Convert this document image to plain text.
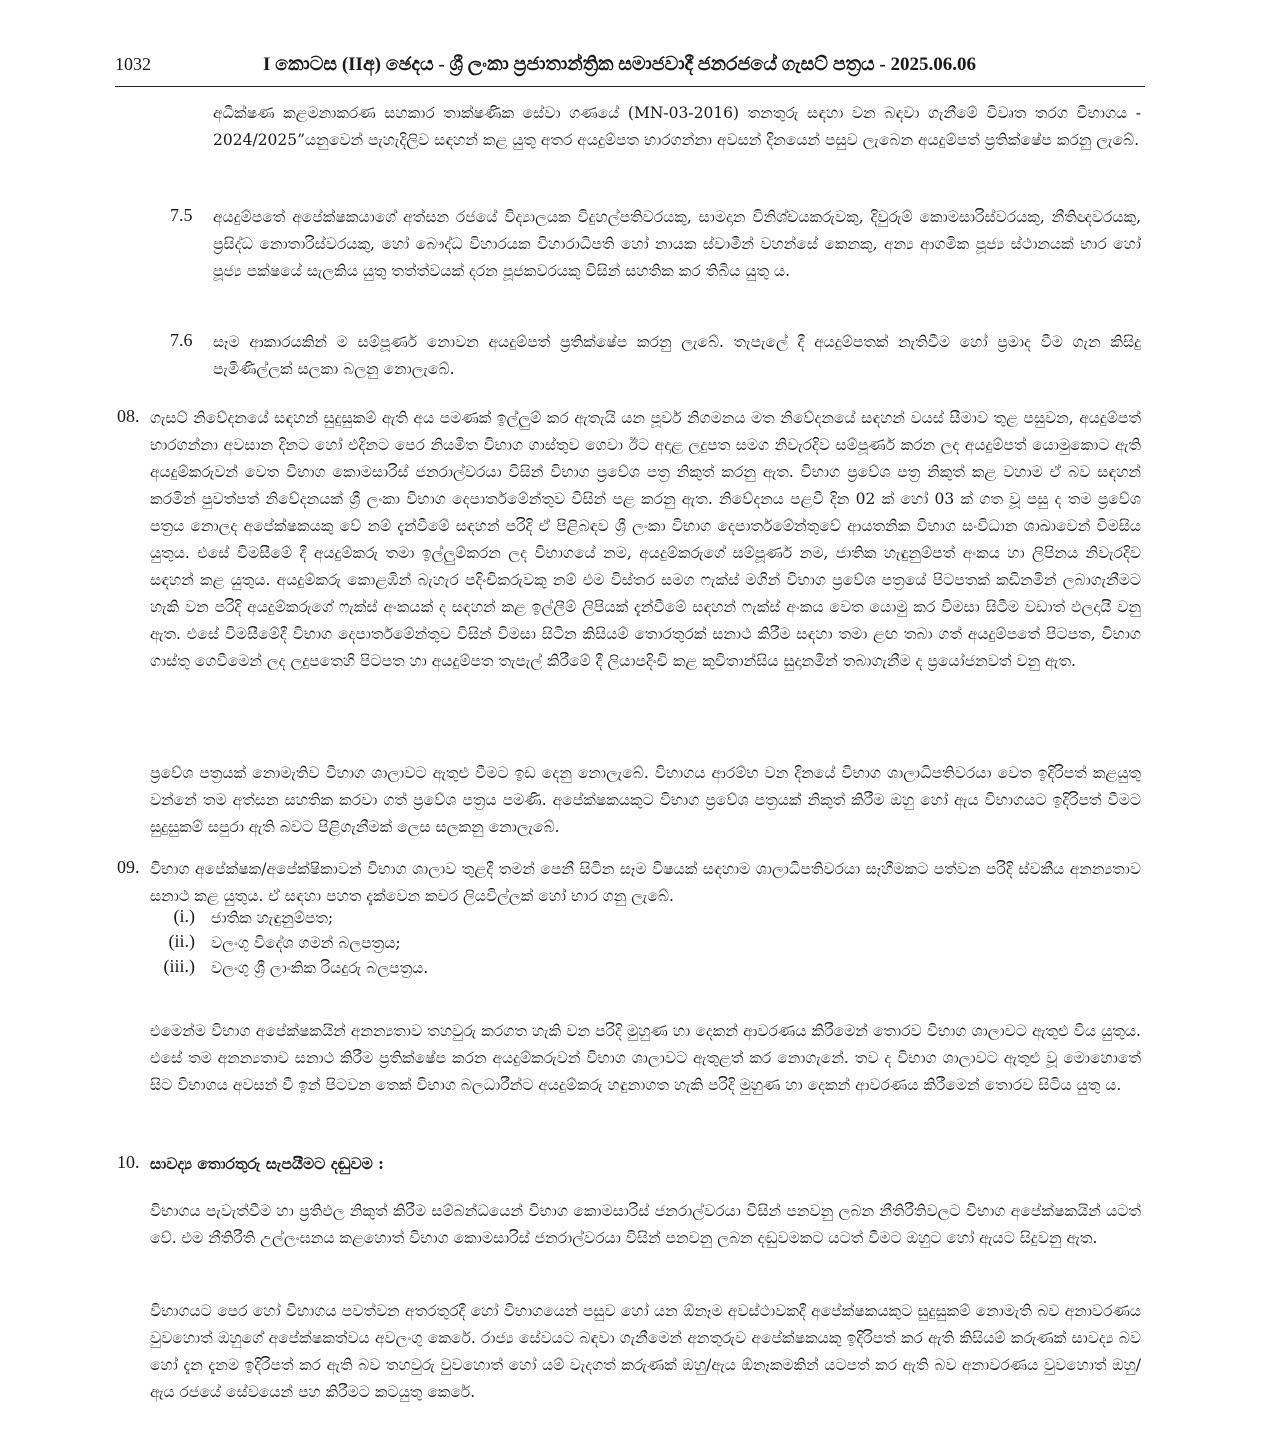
1032	I කොටස (IIඅ) ඡෙදය - ශ්‍රී ලංකා ප්‍රජාතාන්ත්‍රික සමාජවාදී ජනරජයේ ගැසට් පත්‍රය - 2025.06.06
අධීක්ෂණ කළමනාකරණ සහකාර තාක්ෂණික සේවා ගණයේ (MN-03-2016) තනතුරු සඳහා වන බඳවා ගැනීමේ විවෘත තරග විභාගය - 2024/2025”යනුවෙන් පැහැදිලිව සඳහන් කළ යුතු අතර අයදුම්පත භාරගන්නා අවසන් දිනයෙන් පසුව ලැබෙන අයදුම්පත් ප්‍රතික්ෂේප කරනු ලැබේ.
7.5 අයදුම්පතේ අපේක්ෂකයාගේ අත්සන රජයේ විද්‍යාලයක විදුහල්පතිවරයකු, සාමදාන විනිශ්චයකරුවකු, දිවුරුම් කොමසාරිස්වරයකු, නීතිඥවරයකු, ප්‍රසිද්ධ නොතාරිස්වරයකු, හෝ බෞද්ධ විහාරයක විහාරාධිපති හෝ නායක ස්වාමීන් වහන්සේ කෙනකු, අන්‍ය ආගමික පූජ්‍ය ස්ථානයක් භාර හෝ පූජ්‍ය පක්ෂයේ සැලකිය යුතු තත්ත්වයක් දරන පූජකවරයකු විසින් සහතික කර තිබිය යුතු ය.
7.6 සෑම ආකාරයකින් ම සම්පූර්ණ නොවන අයදුම්පත් ප්‍රතික්ෂේප කරනු ලැබේ. තැපැලේ දී අයදුම්පතක් නැතිවීම හෝ ප්‍රමාද වීම ගැන කිසිදු පැමිණිල්ලක් සලකා බලනු නොලැබේ.
08. ගැසට් නිවේදනයේ සඳහන් සුදුසුකම් ඇති අය පමණක් ඉල්ලුම් කර ඇතැයි යන පූර්ව නිගමනය මත නිවේදනයේ සඳහන් වයස් සීමාව තුළ පසුවන, අයදුම්පත් භාරගන්නා අවසාන දිනට හෝ එදිනට පෙර නියමිත විභාග ගාස්තුව ගෙවා ඊට අදාළ ලදුපත සමග නිවැරදිව සම්පූර්ණ කරන ලද අයදුම්පත් යොමුකොට ඇති අයදුම්කරුවන් වෙත විභාග කොමසාරිස් ජනරාල්වරයා විසින් විභාග ප්‍රවේශ පත්‍ර නිකුත් කරනු ඇත. විභාග ප්‍රවේශ පත්‍ර නිකුත් කළ වහාම ඒ බව සඳහන් කරමින් පුවත්පත් නිවේදනයක් ශ්‍රී ලංකා විභාග දෙපාර්තමේන්තුව විසින් පළ කරනු ඇත. නිවේදනය පළවී දින 02 ක් හෝ 03 ක් ගත වූ පසු ද තම ප්‍රවේශ පත්‍රය නොලද අපේක්ෂකයකු වේ නම් දැන්වීමේ සඳහන් පරිදි ඒ පිළිබඳව ශ්‍රී ලංකා විභාග දෙපාර්තමේන්තුවේ ආයතනික විභාග සංවිධාන ශාඛාවෙන් විමසිය යුතුය. එසේ විමසීමේ දී අයදුම්කරු තමා ඉල්ලුම්කරන ලද විභාගයේ නම, අයදුම්කරුගේ සම්පූර්ණ නම, ජාතික හැඳුනුම්පත් අංකය හා ලිපිනය නිවැරදිව සඳහන් කළ යුතුය. අයදුම්කරු කොළඹින් බැහැර පදිංචිකරුවකු නම් එම විස්තර සමග ෆැක්ස් මගින් විභාග ප්‍රවේශ පත්‍රයේ පිටපතක් කඩිනමින් ලබාගැනීමට හැකි වන පරිදි අයදුම්කරුගේ ෆැක්ස් අංකයක් ද සඳහන් කළ ඉල්ලීම් ලිපියක් දැන්වීමේ සඳහන් ෆැක්ස් අංකය වෙත යොමු කර විමසා සිටීම වඩාත් ඵලදායී වනු ඇත. එසේ විමසීමේදී විභාග දෙපාර්තමේන්තුව විසින් විමසා සිටින කිසියම් තොරතුරක් සනාථ කිරීම සඳහා තමා ළඟ තබා ගත් අයදුම්පතේ පිටපත, විභාග ගාස්තු ගෙවීමෙන් ලද ලදුපතෙහි පිටපත හා අයදුම්පත තැපැල් කිරීමේ දී ලියාපදිංචි කළ කුවිතාන්සිය සුදානමින් තබාගැනීම ද ප්‍රයෝජනවත් වනු ඇත.
ප්‍රවේශ පත්‍රයක් නොමැතිව විභාග ශාලාවට ඇතුළු වීමට ඉඩ දෙනු නොලැබේ. විභාගය ආරම්භ වන දිනයේ විභාග ශාලාධිපතිවරයා වෙත ඉදිරිපත් කළයුතු වන්නේ තම අත්සන සහතික කරවා ගත් ප්‍රවේශ පත්‍රය පමණි. අපේක්ෂකයකුට විභාග ප්‍රවේශ පත්‍රයක් නිකුත් කිරීම ඔහු හෝ ඇය විභාගයට ඉදිරිපත් වීමට සුදුසුකම් සපුරා ඇති බවට පිළිගැනීමක් ලෙස සලකනු නොලැබේ.
09. විභාග අපේක්ෂක/අපේක්ෂිකාවන් විභාග ශාලාව තුළදී තමන් පෙනී සිටින සෑම විෂයක් සඳහාම ශාලාධිපතිවරයා සෑහීමකට පත්වන පරිදි ස්වකීය අනන්‍යතාව සනාථ කළ යුතුය. ඒ සඳහා පහත දැක්වෙන කවර ලියවිල්ලක් හෝ භාර ගනු ලැබේ.
(i.) ජාතික හැඳුනුම්පත;
(ii.) වලංගු විදේශ ගමන් බලපත්‍රය;
(iii.) වලංගු ශ්‍රී ලාංකික රියදුරු බලපත්‍රය.
එමෙන්ම විභාග අපේක්ෂකයින් අනන්‍යතාව තහවුරු කරගත හැකි වන පරිදි මුහුණ හා දෙකන් ආවරණය කිරීමෙන් තොරව විභාග ශාලාවට ඇතුළු විය යුතුය. එසේ තම අනන්‍යතාව සනාථ කිරීම ප්‍රතික්ෂේප කරන අයදුම්කරුවන් විභාග ශාලාවට ඇතුළත් කර නොගැනේ. තව ද විභාග ශාලාවට ඇතුළු වූ මොහොතේ සිට විභාගය අවසන් වී ඉන් පිටවන තෙක් විභාග බලධාරීන්ට අයදුම්කරු හඳුනාගත හැකි පරිදි මුහුණ හා දෙකන් ආවරණය කිරීමෙන් තොරව සිටිය යුතු ය.
10. සාවද්‍ය තොරතුරු සැපයීමට දඬුවම :
විභාගය පැවැත්වීම හා ප්‍රතිඵල නිකුත් කිරීම සම්බන්ධයෙන් විභාග කොමසාරිස් ජනරාල්වරයා විසින් පනවනු ලබන නීතිරීතිවලට විභාග අපේක්ෂකයින් යටත් වේ. එම නීතිරීති උල්ලංඝනය කළහොත් විභාග කොමසාරිස් ජනරාල්වරයා විසින් පනවනු ලබන දඬුවමකට යටත් වීමට ඔහුට හෝ ඇයට සිදුවනු ඇත.
විභාගයට පෙර හෝ විභාගය පවත්වන අතරතුරදී හෝ විභාගයෙන් පසුව හෝ යන ඕනෑම අවස්ථාවකදී අපේක්ෂකයකුට සුදුසුකම් නොමැති බව අනාවරණය වුවහොත් ඔහුගේ අපේක්ෂකත්වය අවලංගු කෙරේ. රාජ්‍ය සේවයට බඳවා ගැනීමෙන් අනතුරුව අපේක්ෂකයකු ඉදිරිපත් කර ඇති කිසියම් කරුණක් සාවද්‍ය බව හෝ දැන දැනම ඉදිරිපත් කර ඇති බව තහවුරු වුවහොත් හෝ යම් වැදගත් කරුණක් ඔහු/ඇය ඕනෑකමකින් යටපත් කර ඇති බව අනාවරණය වුවහොත් ඔහු/ඇය රජයේ සේවයෙන් පහ කිරීමට කටයුතු කෙරේ.
